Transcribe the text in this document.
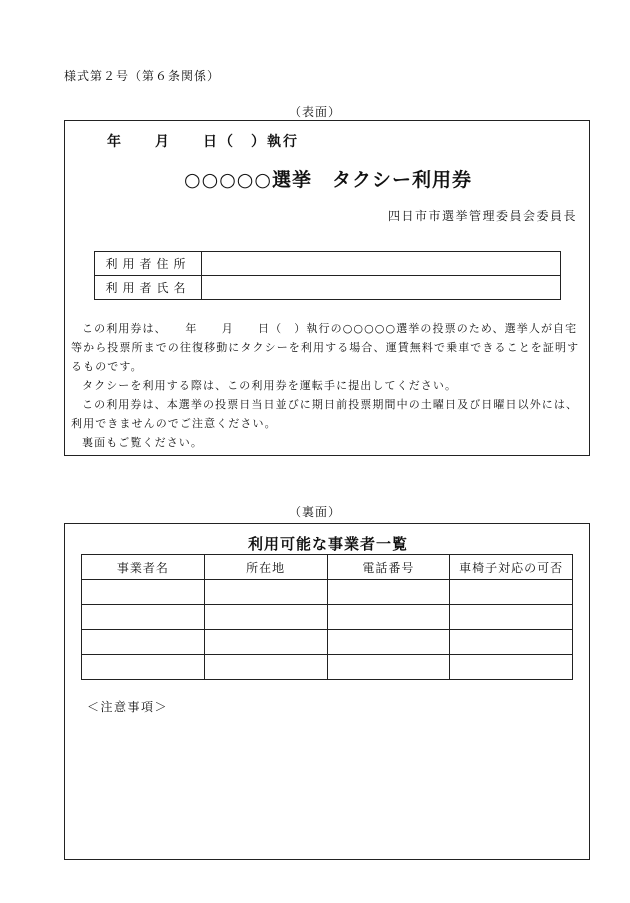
様式第２号（第６条関係）
（表面）
年　　月　　日（　）執行
○○○○○選挙　タクシー利用券
四日市市選挙管理委員会委員長
利用者住所	
利用者氏名	

この利用券は、　　年　　月　　日（　）執行の○○○○○選挙の投票のため、選挙人が自宅等から投票所までの往復移動にタクシーを利用する場合、運賃無料で乗車できることを証明するものです。

タクシーを利用する際は、この利用券を運転手に提出してください。

この利用券は、本選挙の投票日当日並びに期日前投票期間中の土曜日及び日曜日以外には、利用できませんのでご注意ください。

裏面もご覧ください。

（裏面）
利用可能な事業者一覧
事業者名	所在地	電話番号	車椅子対応の可否

＜注意事項＞
